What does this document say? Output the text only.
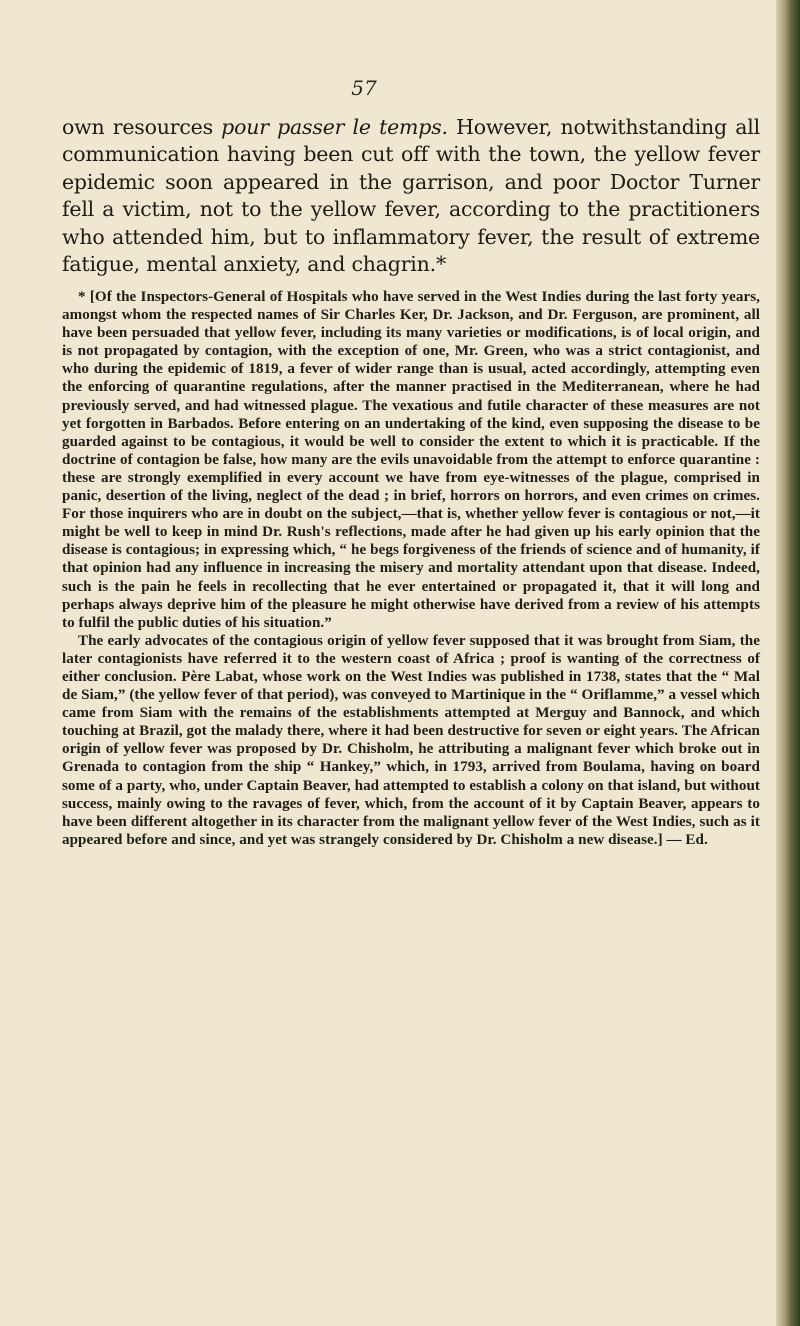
57
own resources pour passer le temps. However, notwithstanding all communication having been cut off with the town, the yellow fever epidemic soon appeared in the garrison, and poor Doctor Turner fell a victim, not to the yellow fever, according to the practitioners who attended him, but to inflammatory fever, the result of extreme fatigue, mental anxiety, and chagrin.*

* [Of the Inspectors-General of Hospitals who have served in the West Indies during the last forty years, amongst whom the respected names of Sir Charles Ker, Dr. Jackson, and Dr. Ferguson, are prominent, all have been persuaded that yellow fever, including its many varieties or modifications, is of local origin, and is not propagated by contagion, with the exception of one, Mr. Green, who was a strict contagionist, and who during the epidemic of 1819, a fever of wider range than is usual, acted accordingly, attempting even the enforcing of quarantine regulations, after the manner practised in the Mediterranean, where he had previously served, and had witnessed plague. The vexatious and futile character of these measures are not yet forgotten in Barbados. Before entering on an undertaking of the kind, even supposing the disease to be guarded against to be contagious, it would be well to consider the extent to which it is practicable. If the doctrine of contagion be false, how many are the evils unavoidable from the attempt to enforce quarantine : these are strongly exemplified in every account we have from eye-witnesses of the plague, comprised in panic, desertion of the living, neglect of the dead ; in brief, horrors on horrors, and even crimes on crimes. For those inquirers who are in doubt on the subject,—that is, whether yellow fever is contagious or not,—it might be well to keep in mind Dr. Rush's reflections, made after he had given up his early opinion that the disease is contagious; in expressing which, “ he begs forgiveness of the friends of science and of humanity, if that opinion had any influence in increasing the misery and mortality attendant upon that disease. Indeed, such is the pain he feels in recollecting that he ever entertained or propagated it, that it will long and perhaps always deprive him of the pleasure he might otherwise have derived from a review of his attempts to fulfil the public duties of his situation.”

The early advocates of the contagious origin of yellow fever supposed that it was brought from Siam, the later contagionists have referred it to the western coast of Africa ; proof is wanting of the correctness of either conclusion. Père Labat, whose work on the West Indies was published in 1738, states that the “ Mal de Siam,” (the yellow fever of that period), was conveyed to Martinique in the “ Oriflamme,” a vessel which came from Siam with the remains of the establishments attempted at Merguy and Bannock, and which touching at Brazil, got the malady there, where it had been destructive for seven or eight years. The African origin of yellow fever was proposed by Dr. Chisholm, he attributing a malignant fever which broke out in Grenada to contagion from the ship “ Hankey,” which, in 1793, arrived from Boulama, having on board some of a party, who, under Captain Beaver, had attempted to establish a colony on that island, but without success, mainly owing to the ravages of fever, which, from the account of it by Captain Beaver, appears to have been different altogether in its character from the malignant yellow fever of the West Indies, such as it appeared before and since, and yet was strangely considered by Dr. Chisholm a new disease.] — Ed.
